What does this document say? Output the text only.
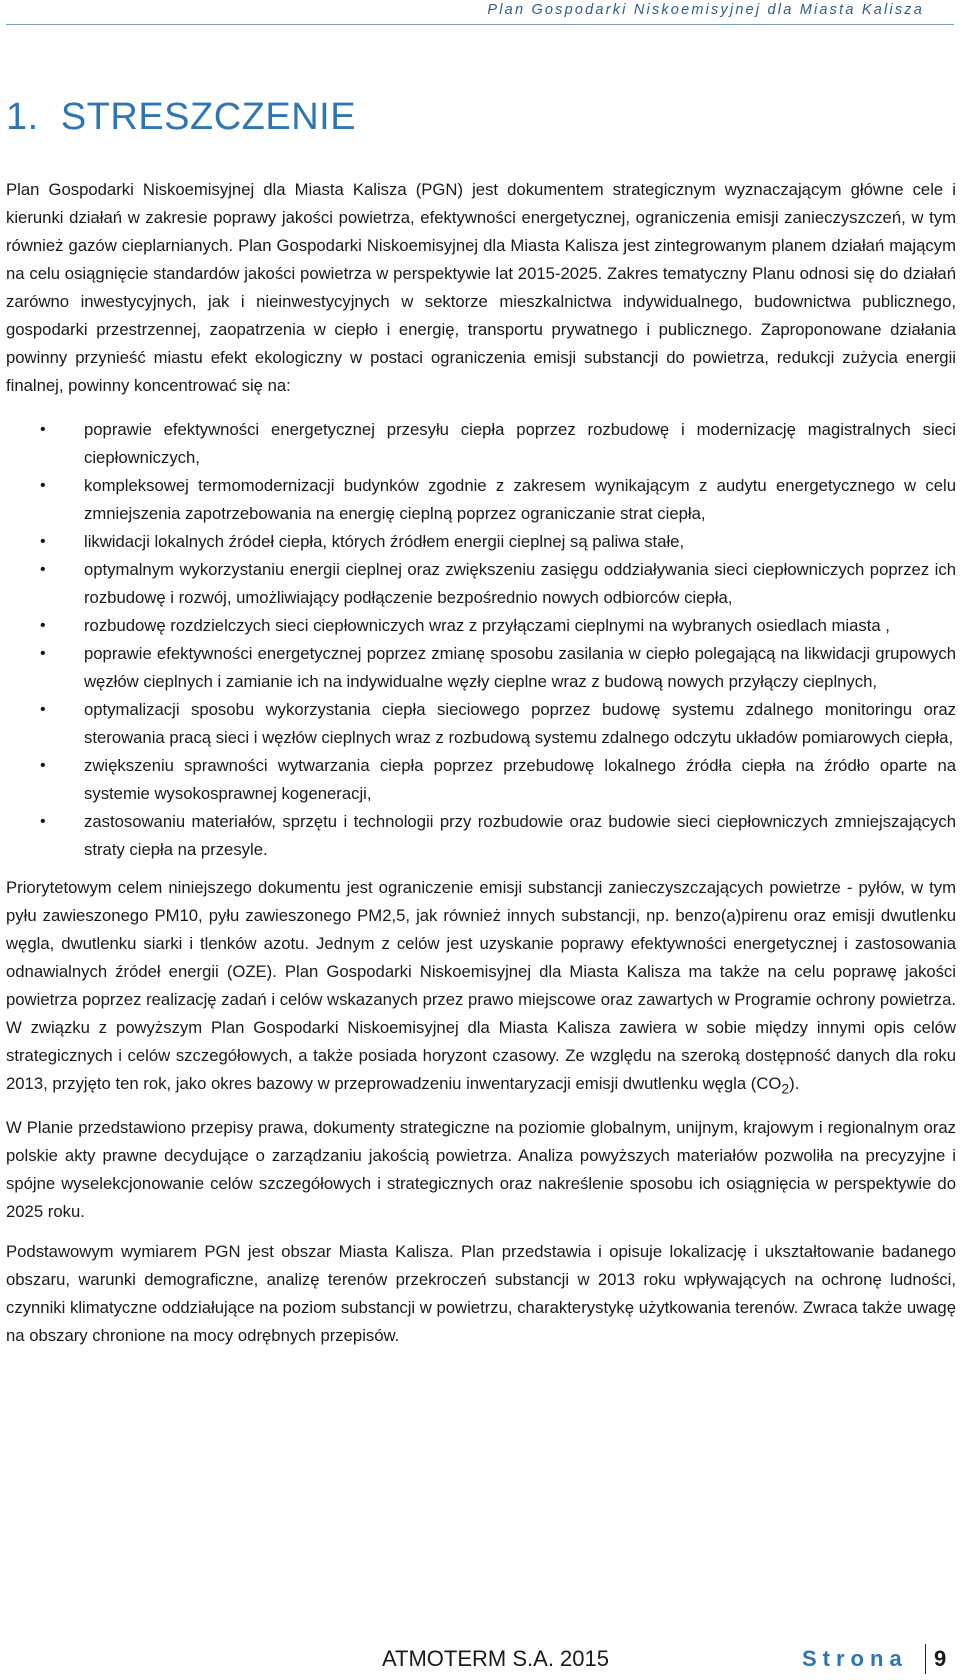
Plan Gospodarki Niskoemisyjnej dla Miasta Kalisza
1. STRESZCZENIE

Plan Gospodarki Niskoemisyjnej dla Miasta Kalisza (PGN) jest dokumentem strategicznym wyznaczającym główne cele i kierunki działań w zakresie poprawy jakości powietrza, efektywności energetycznej, ograniczenia emisji zanieczyszczeń, w tym również gazów cieplarnianych. Plan Gospodarki Niskoemisyjnej dla Miasta Kalisza jest zintegrowanym planem działań mającym na celu osiągnięcie standardów jakości powietrza w perspektywie lat 2015-2025. Zakres tematyczny Planu odnosi się do działań zarówno inwestycyjnych, jak i nieinwestycyjnych w sektorze mieszkalnictwa indywidualnego, budownictwa publicznego, gospodarki przestrzennej, zaopatrzenia w ciepło i energię, transportu prywatnego i publicznego. Zaproponowane działania powinny przynieść miastu efekt ekologiczny w postaci ograniczenia emisji substancji do powietrza, redukcji zużycia energii finalnej, powinny koncentrować się na:

• poprawie efektywności energetycznej przesyłu ciepła poprzez rozbudowę i modernizację magistralnych sieci ciepłowniczych,
• kompleksowej termomodernizacji budynków zgodnie z zakresem wynikającym z audytu energetycznego w celu zmniejszenia zapotrzebowania na energię cieplną poprzez ograniczanie strat ciepła,
• likwidacji lokalnych źródeł ciepła, których źródłem energii cieplnej są paliwa stałe,
• optymalnym wykorzystaniu energii cieplnej oraz zwiększeniu zasięgu oddziaływania sieci ciepłowniczych poprzez ich rozbudowę i rozwój, umożliwiający podłączenie bezpośrednio nowych odbiorców ciepła,
• rozbudowę rozdzielczych sieci ciepłowniczych wraz z przyłączami cieplnymi na wybranych osiedlach miasta ,
• poprawie efektywności energetycznej poprzez zmianę sposobu zasilania w ciepło polegającą na likwidacji grupowych węzłów cieplnych i zamianie ich na indywidualne węzły cieplne wraz z budową nowych przyłączy cieplnych,
• optymalizacji sposobu wykorzystania ciepła sieciowego poprzez budowę systemu zdalnego monitoringu oraz sterowania pracą sieci i węzłów cieplnych wraz z rozbudową systemu zdalnego odczytu układów pomiarowych ciepła,
• zwiększeniu sprawności wytwarzania ciepła poprzez przebudowę lokalnego źródła ciepła na źródło oparte na systemie wysokosprawnej kogeneracji,
• zastosowaniu materiałów, sprzętu i technologii przy rozbudowie oraz budowie sieci ciepłowniczych zmniejszających straty ciepła na przesyle.

Priorytetowym celem niniejszego dokumentu jest ograniczenie emisji substancji zanieczyszczających powietrze - pyłów, w tym pyłu zawieszonego PM10, pyłu zawieszonego PM2,5, jak również innych substancji, np. benzo(a)pirenu oraz emisji dwutlenku węgla, dwutlenku siarki i tlenków azotu. Jednym z celów jest uzyskanie poprawy efektywności energetycznej i zastosowania odnawialnych źródeł energii (OZE). Plan Gospodarki Niskoemisyjnej dla Miasta Kalisza ma także na celu poprawę jakości powietrza poprzez realizację zadań i celów wskazanych przez prawo miejscowe oraz zawartych w Programie ochrony powietrza. W związku z powyższym Plan Gospodarki Niskoemisyjnej dla Miasta Kalisza zawiera w sobie między innymi opis celów strategicznych i celów szczegółowych, a także posiada horyzont czasowy. Ze względu na szeroką dostępność danych dla roku 2013, przyjęto ten rok, jako okres bazowy w przeprowadzeniu inwentaryzacji emisji dwutlenku węgla $(CO_2)$.

W Planie przedstawiono przepisy prawa, dokumenty strategiczne na poziomie globalnym, unijnym, krajowym i regionalnym oraz polskie akty prawne decydujące o zarządzaniu jakością powietrza. Analiza powyższych materiałów pozwoliła na precyzyjne i spójne wyselekcjonowanie celów szczegółowych i strategicznych oraz nakreślenie sposobu ich osiągnięcia w perspektywie do 2025 roku.

Podstawowym wymiarem PGN jest obszar Miasta Kalisza. Plan przedstawia i opisuje lokalizację i ukształtowanie badanego obszaru, warunki demograficzne, analizę terenów przekroczeń substancji w 2013 roku wpływających na ochronę ludności, czynniki klimatyczne oddziałujące na poziom substancji w powietrzu, charakterystykę użytkowania terenów. Zwraca także uwagę na obszary chronione na mocy odrębnych przepisów.

ATMOTERM S.A. 2015	Strona 9
